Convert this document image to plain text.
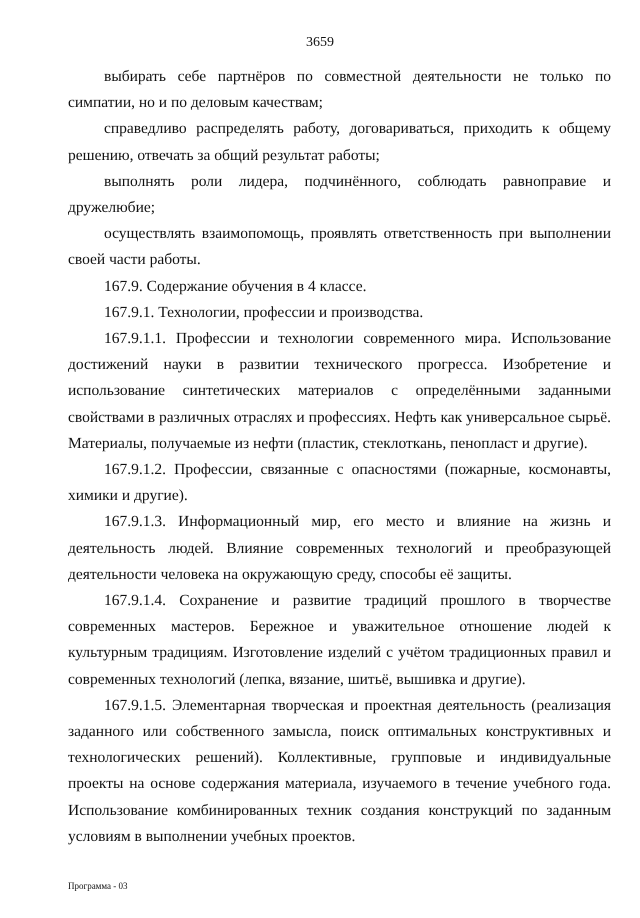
3659

выбирать себе партнёров по совместной деятельности не только по симпатии, но и по деловым качествам;

справедливо распределять работу, договариваться, приходить к общему решению, отвечать за общий результат работы;

выполнять роли лидера, подчинённого, соблюдать равноправие и дружелюбие;

осуществлять взаимопомощь, проявлять ответственность при выполнении своей части работы.

167.9. Содержание обучения в 4 классе.

167.9.1. Технологии, профессии и производства.

167.9.1.1. Профессии и технологии современного мира. Использование достижений науки в развитии технического прогресса. Изобретение и использование синтетических материалов с определёнными заданными свойствами в различных отраслях и профессиях. Нефть как универсальное сырьё. Материалы, получаемые из нефти (пластик, стеклоткань, пенопласт и другие).

167.9.1.2. Профессии, связанные с опасностями (пожарные, космонавты, химики и другие).

167.9.1.3. Информационный мир, его место и влияние на жизнь и деятельность людей. Влияние современных технологий и преобразующей деятельности человека на окружающую среду, способы её защиты.

167.9.1.4. Сохранение и развитие традиций прошлого в творчестве современных мастеров. Бережное и уважительное отношение людей к культурным традициям. Изготовление изделий с учётом традиционных правил и современных технологий (лепка, вязание, шитьё, вышивка и другие).

167.9.1.5. Элементарная творческая и проектная деятельность (реализация заданного или собственного замысла, поиск оптимальных конструктивных и технологических решений). Коллективные, групповые и индивидуальные проекты на основе содержания материала, изучаемого в течение учебного года. Использование комбинированных техник создания конструкций по заданным условиям в выполнении учебных проектов.

Программа - 03
